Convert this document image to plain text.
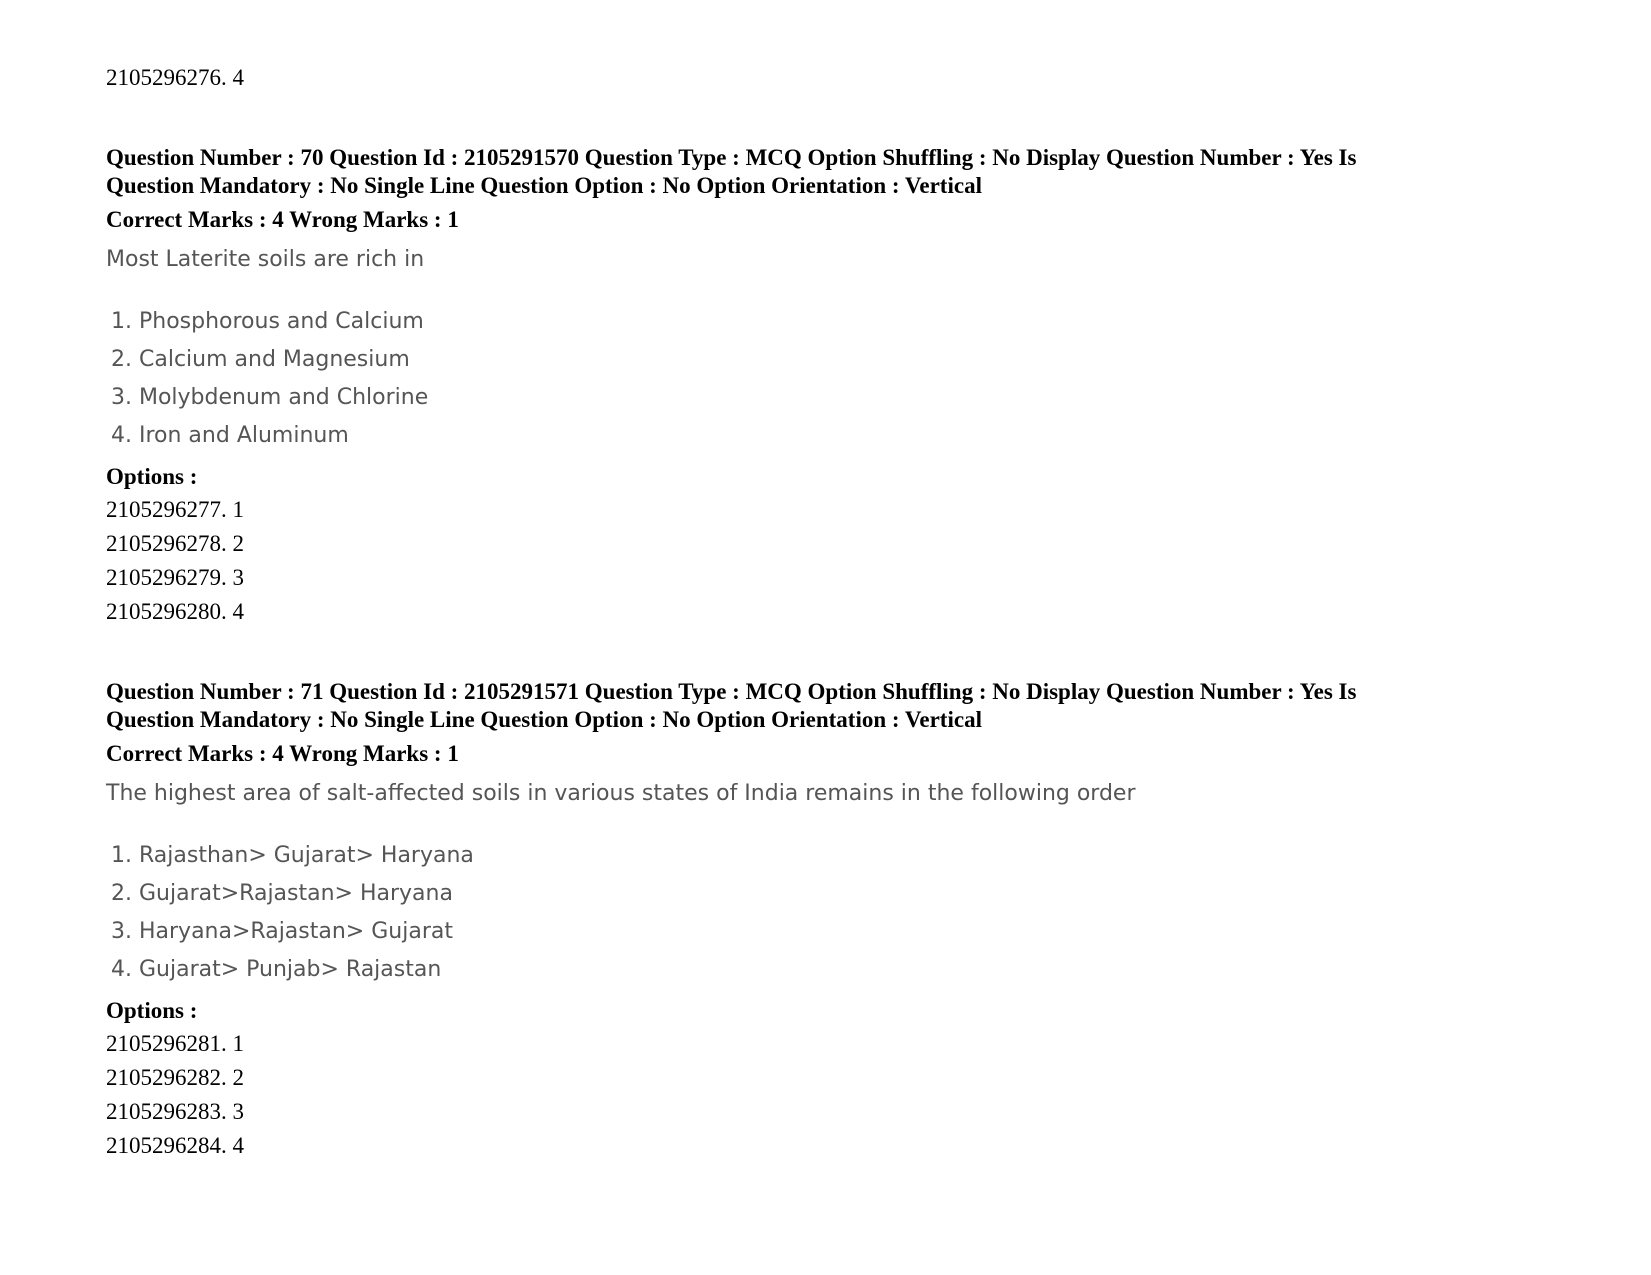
2105296276. 4
Question Number : 70 Question Id : 2105291570 Question Type : MCQ Option Shuffling : No Display Question Number : Yes Is
Question Mandatory : No Single Line Question Option : No Option Orientation : Vertical
Correct Marks : 4 Wrong Marks : 1
Most Laterite soils are rich in
1. Phosphorous and Calcium
2. Calcium and Magnesium
3. Molybdenum and Chlorine
4. Iron and Aluminum
Options :
2105296277. 1
2105296278. 2
2105296279. 3
2105296280. 4
Question Number : 71 Question Id : 2105291571 Question Type : MCQ Option Shuffling : No Display Question Number : Yes Is
Question Mandatory : No Single Line Question Option : No Option Orientation : Vertical
Correct Marks : 4 Wrong Marks : 1
The highest area of salt-affected soils in various states of India remains in the following order
1. Rajasthan> Gujarat> Haryana
2. Gujarat>Rajastan> Haryana
3. Haryana>Rajastan> Gujarat
4. Gujarat> Punjab> Rajastan
Options :
2105296281. 1
2105296282. 2
2105296283. 3
2105296284. 4
